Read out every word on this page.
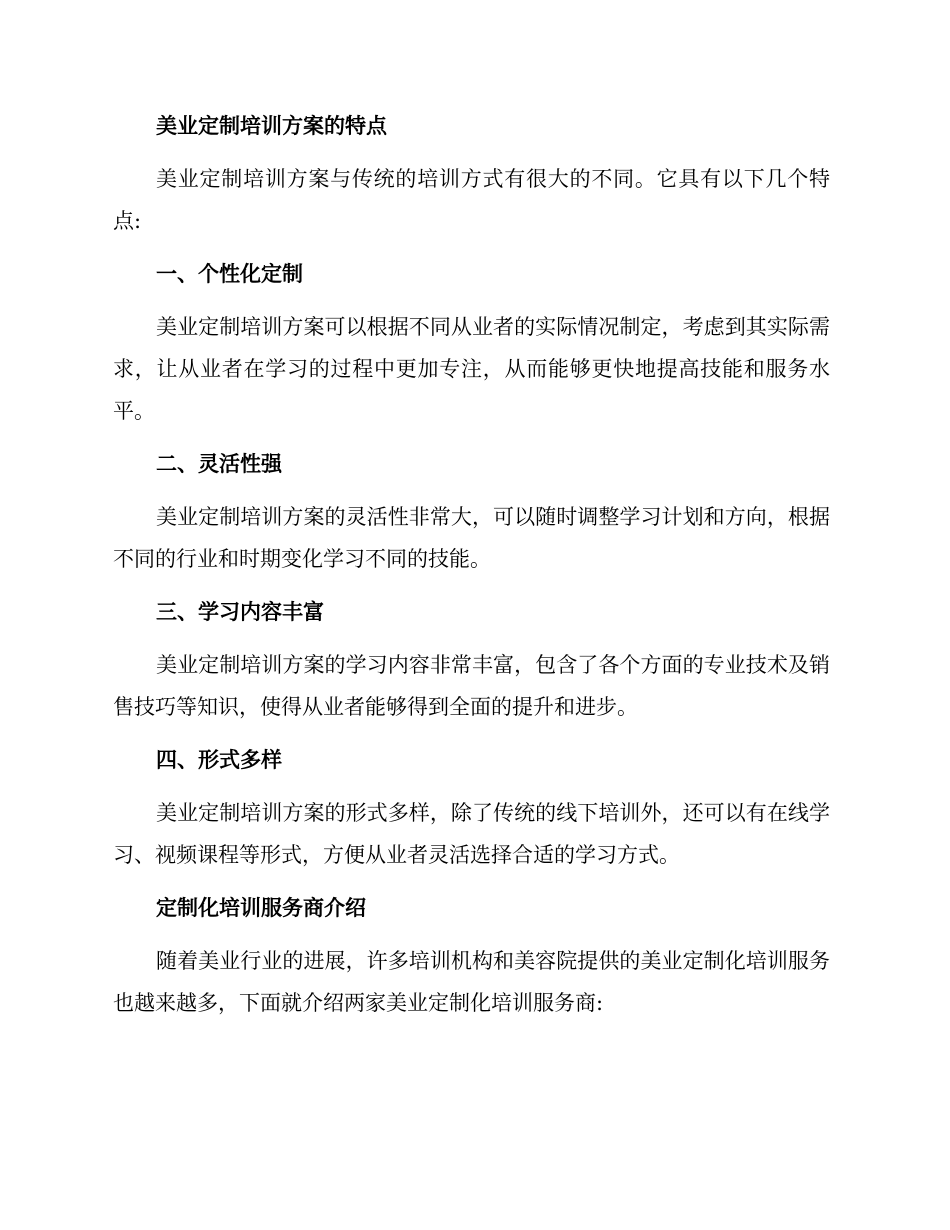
美业定制培训方案的特点

美业定制培训方案与传统的培训方式有很大的不同。它具有以下几个特点:

一、个性化定制

美业定制培训方案可以根据不同从业者的实际情况制定，考虑到其实际需求，让从业者在学习的过程中更加专注，从而能够更快地提高技能和服务水平。

二、灵活性强

美业定制培训方案的灵活性非常大，可以随时调整学习计划和方向，根据不同的行业和时期变化学习不同的技能。

三、学习内容丰富

美业定制培训方案的学习内容非常丰富，包含了各个方面的专业技术及销售技巧等知识，使得从业者能够得到全面的提升和进步。

四、形式多样

美业定制培训方案的形式多样，除了传统的线下培训外，还可以有在线学习、视频课程等形式，方便从业者灵活选择合适的学习方式。

定制化培训服务商介绍

随着美业行业的进展，许多培训机构和美容院提供的美业定制化培训服务也越来越多，下面就介绍两家美业定制化培训服务商:
